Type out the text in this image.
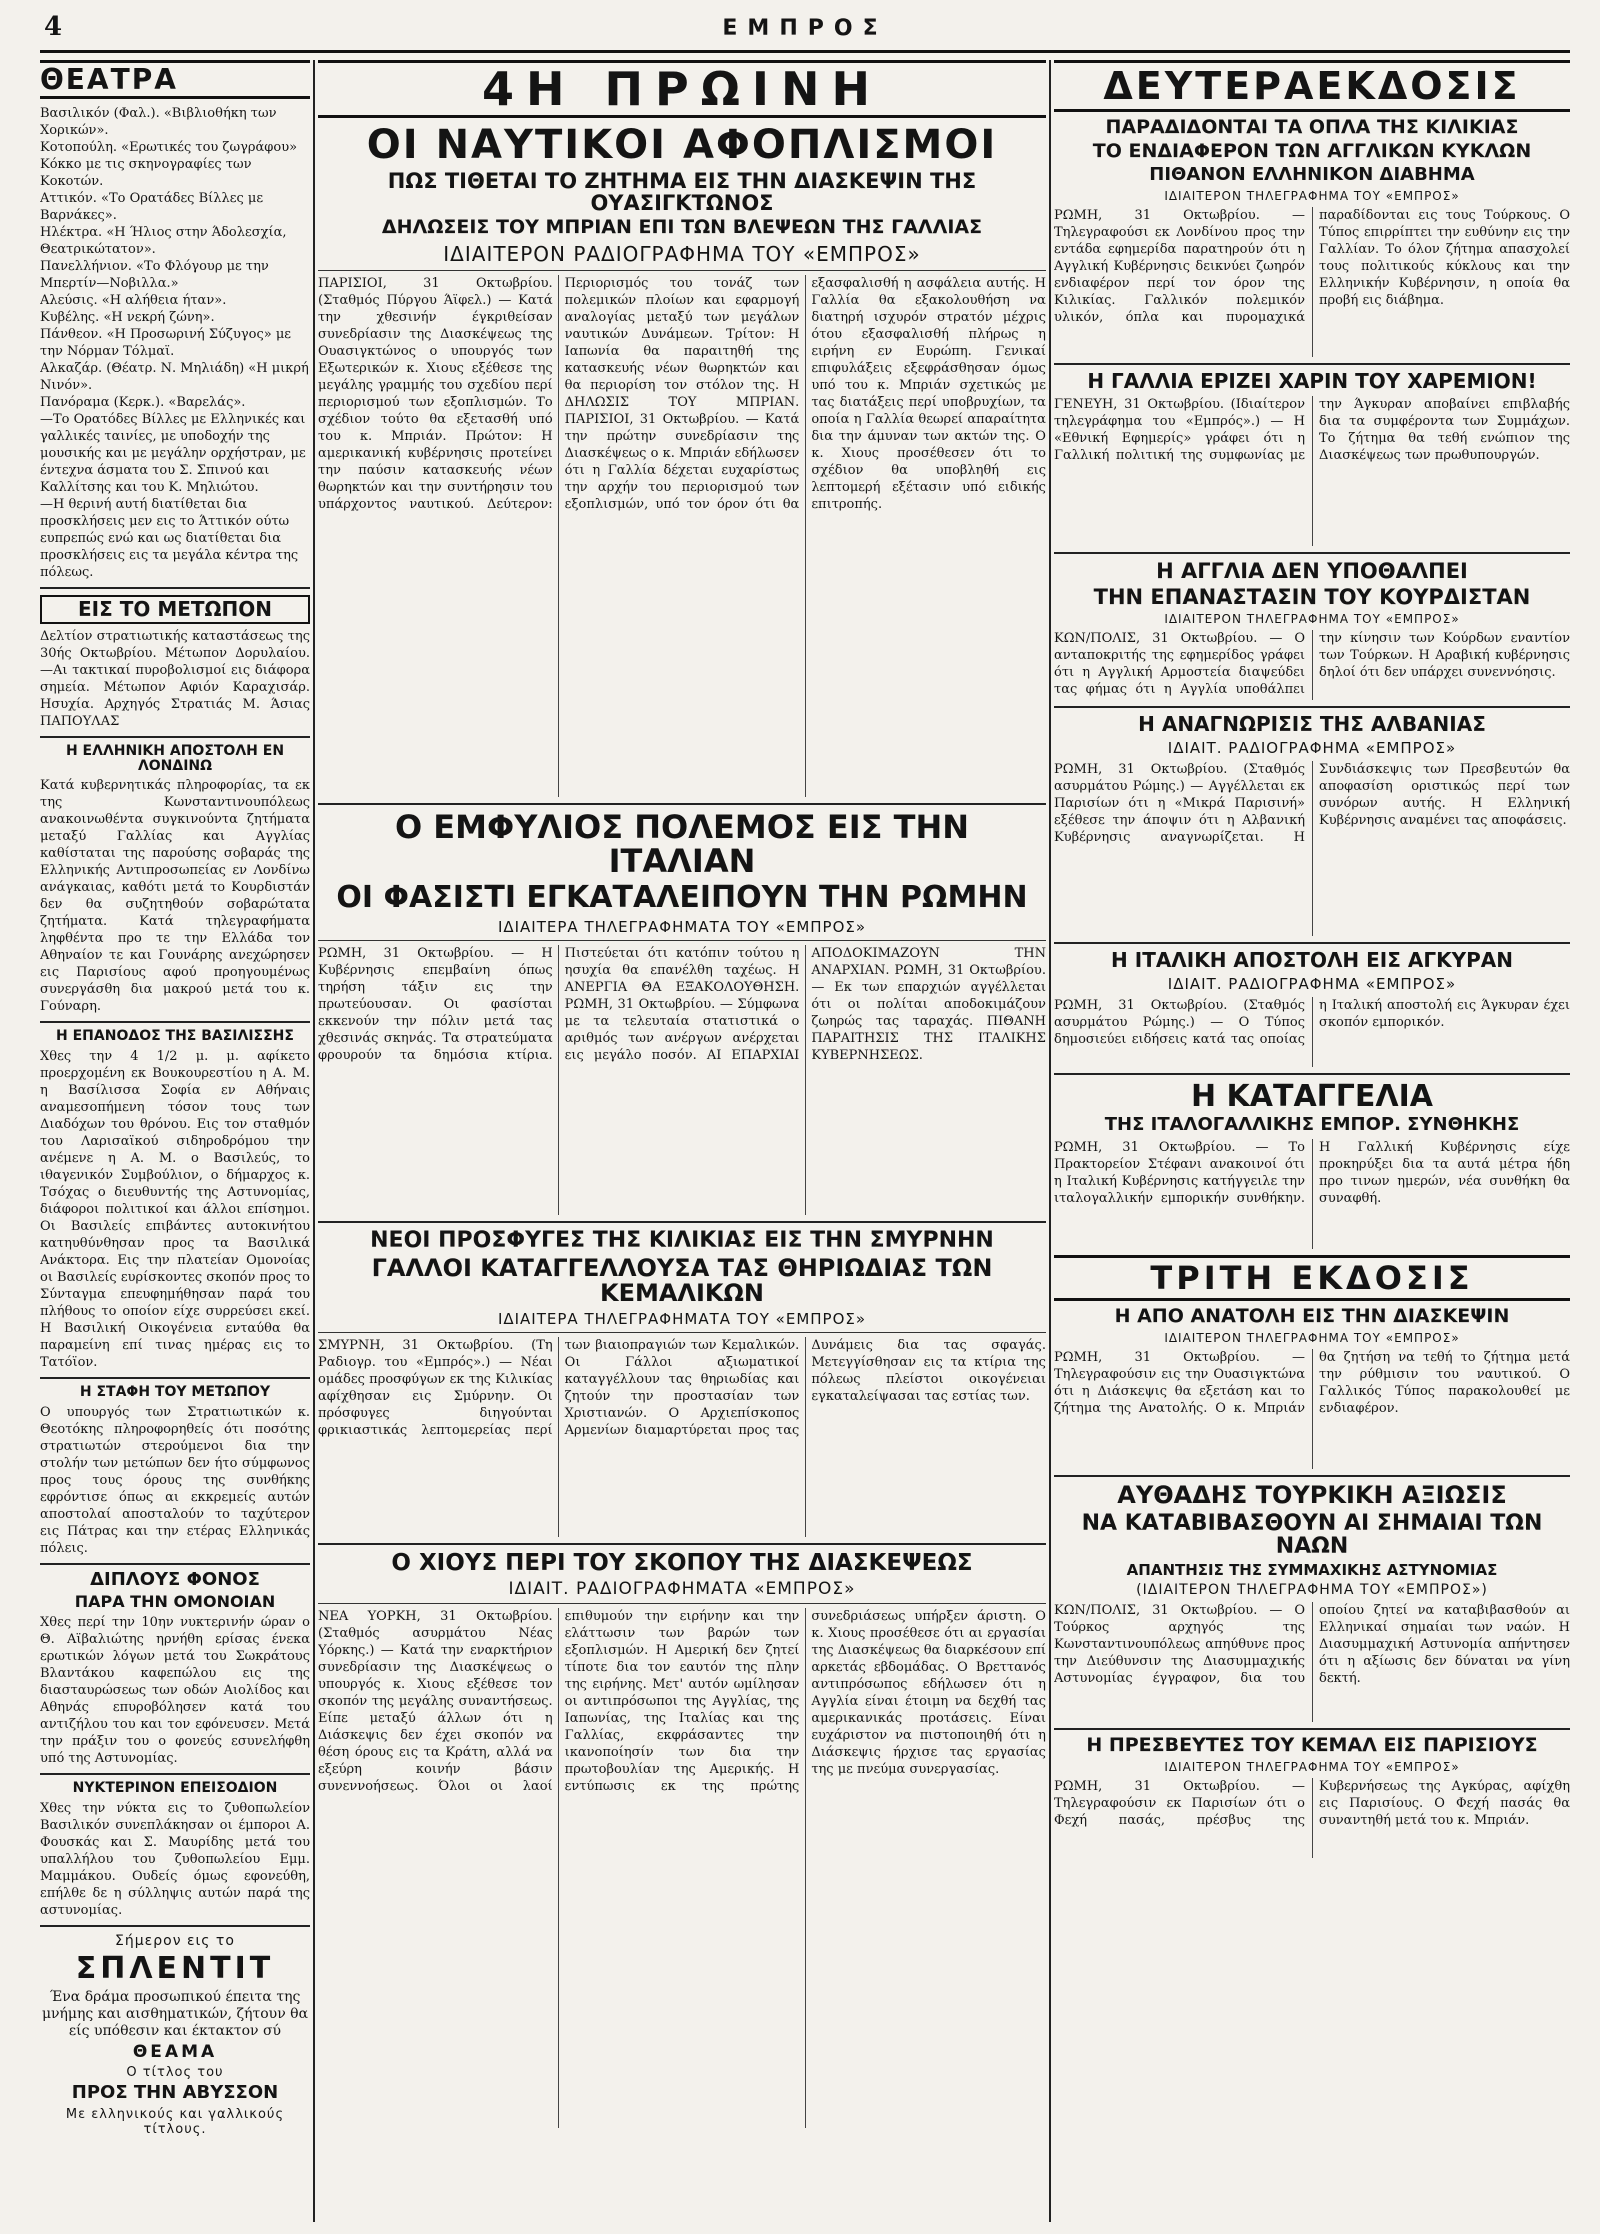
4	ΕΜΠΡΟΣ
ΘΕΑΤΡΑ

Βασιλικόν (Φαλ.). «Βιβλιοθήκη των Χορικών».

Κοτοπούλη. «Ερωτικές του ζωγράφου» Κόκκο με τις σκηνογραφίες των Κοκοτών.

Αττικόν. «Το Ορατάδες Βίλλες με Βαρνάκες».

Ηλέκτρα. «Η Ήλιος στην Άδολεσχία, Θεατρικώτατον».

Πανελλήνιον. «Το Φλόγουρ με την Μπερτίν—Νοβιλλα.»

Αλεύσις. «Η αλήθεια ήταν».

Κυβέλης. «Η νεκρή ζώνη».

Πάνθεον. «Η Προσωρινή Σύζυγος» με την Νόρμαν Τόλμαϊ.

Αλκαζάρ. (Θέατρ. Ν. Μηλιάδη) «Η μικρή Νινόν».

Πανόραμα (Κερκ.). «Βαρελάς».

—Το Ορατόδες Βίλλες με Ελληνικές και γαλλικές ταινίες, με υποδοχήν της μουσικής και με μεγάλην ορχήστραν, με έντεχνα άσματα του Σ. Σπινού και Καλλίτσης και του Κ. Μηλιώτου.

—Η θερινή αυτή διατίθεται δια προσκλήσεις μεν εις το Άττικόν ούτω ευπρεπώς ενώ και ως διατίθεται δια προσκλήσεις εις τα μεγάλα κέντρα της πόλεως.

ΕΙΣ ΤΟ ΜΕΤΩΠΟΝ

Δελτίον στρατιωτικής καταστάσεως της 30ής Οκτωβρίου. Μέτωπον Δορυλαίου.—Αι τακτικαί πυροβολισμοί εις διάφορα σημεία. Μέτωπον Αφιόν Καραχισάρ. Ησυχία. Αρχηγός Στρατιάς Μ. Άσιας ΠΑΠΟΥΛΑΣ

Η ΕΛΛΗΝΙΚΗ ΑΠΟΣΤΟΛΗ ΕΝ ΛΟΝΔΙΝΩ

Κατά κυβερνητικάς πληροφορίας, τα εκ της Κωνσταντινουπόλεως ανακοινωθέντα συγκινούντα ζητήματα μεταξύ Γαλλίας και Αγγλίας καθίσταται της παρούσης σοβαράς της Ελληνικής Αντιπροσωπείας εν Λονδίνω ανάγκαιας, καθότι μετά το Κουρδιστάν δεν θα συζητηθούν σοβαρώτατα ζητήματα. Κατά τηλεγραφήματα ληφθέντα προ τε την Ελλάδα τον Αθηναίον τε και Γουνάρης ανεχώρησεν εις Παρισίους αφού προηγουμένως συνεργάσθη δια μακρού μετά του κ. Γούναρη.

Η ΕΠΑΝΟΔΟΣ ΤΗΣ ΒΑΣΙΛΙΣΣΗΣ

Χθες την 4 1/2 μ. μ. αφίκετο προερχομένη εκ Βουκουρεστίου η Α. Μ. η Βασίλισσα Σοφία εν Αθήναις αναμεσοπήμενη τόσον τους των Διαδόχων του θρόνου. Εις τον σταθμόν του Λαρισαϊκού σιδηροδρόμου την ανέμενε η Α. Μ. ο Βασιλεύς, το ιθαγενικόν Συμβούλιον, ο δήμαρχος κ. Τσόχας ο διευθυντής της Αστυνομίας, διάφοροι πολιτικοί και άλλοι επίσημοι. Οι Βασιλείς επιβάντες αυτοκινήτου κατηυθύνθησαν προς τα Βασιλικά Ανάκτορα. Εις την πλατείαν Ομονοίας οι Βασιλείς ευρίσκοντες σκοπόν προς το Σύνταγμα επευφημήθησαν παρά του πλήθους το οποίον είχε συρρεύσει εκεί. Η Βασιλική Οικογένεια ενταύθα θα παραμείνη επί τινας ημέρας εις το Τατόϊον.

Η ΣΤΑΦΗ ΤΟΥ ΜΕΤΩΠΟΥ

Ο υπουργός των Στρατιωτικών κ. Θεοτόκης πληροφορηθείς ότι ποσότης στρατιωτών στερούμενοι δια την στολήν των μετώπων δεν ήτο σύμφωνος προς τους όρους της συνθήκης εφρόντισε όπως αι εκκρεμείς αυτών αποστολαί αποσταλούν το ταχύτερον εις Πάτρας και την ετέρας Ελληνικάς πόλεις.

ΔΙΠΛΟΥΣ ΦΟΝΟΣ
ΠΑΡΑ ΤΗΝ ΟΜΟΝΟΙΑΝ

Χθες περί την 10ην νυκτερινήν ώραν ο Θ. Αϊβαλιώτης ηρνήθη ερίσας ένεκα ερωτικών λόγων μετά του Σωκράτους Βλαντάκου καφεπώλου εις της διασταυρώσεως των οδών Αιολίδος και Αθηνάς επυροβόλησεν κατά του αντιζήλου του και τον εφόνευσεν. Μετά την πράξιν του ο φονεύς εσυνελήφθη υπό της Αστυνομίας.

ΝΥΚΤΕΡΙΝΟΝ ΕΠΕΙΣΟΔΙΟΝ

Χθες την νύκτα εις το ζυθοπωλείον Βασιλικόν συνεπλάκησαν οι έμποροι Α. Φουσκάς και Σ. Μαυρίδης μετά του υπαλλήλου του ζυθοπωλείου Εμμ. Μαμμάκου. Ουδείς όμως εφονεύθη, επήλθε δε η σύλληψις αυτών παρά της αστυνομίας.

Σήμερον εις το
ΣΠΛΕΝΤΙΤ

Ένα δράμα προσωπικού έπειτα της μνήμης και αισθηματικών, ζήτουν θα είς υπόθεσιν και έκτακτον σύ

ΘΕΑΜΑ
Ο τίτλος του
ΠΡΟΣ ΤΗΝ ΑΒΥΣΣΟΝ
Με ελληνικούς και γαλλικούς τίτλους.
4Η ΠΡΩΙΝΗ
ΟΙ ΝΑΥΤΙΚΟΙ ΑΦΟΠΛΙΣΜΟΙ
ΠΩΣ ΤΙΘΕΤΑΙ ΤΟ ΖΗΤΗΜΑ ΕΙΣ ΤΗΝ ΔΙΑΣΚΕΨΙΝ ΤΗΣ ΟΥΑΣΙΓΚΤΩΝΟΣ
ΔΗΛΩΣΕΙΣ ΤΟΥ ΜΠΡΙΑΝ ΕΠΙ ΤΩΝ ΒΛΕΨΕΩΝ ΤΗΣ ΓΑΛΛΙΑΣ
ΙΔΙΑΙΤΕΡΟΝ ΡΑΔΙΟΓΡΑΦΗΜΑ ΤΟΥ «ΕΜΠΡΟΣ»
ΠΑΡΙΣΙΟΙ, 31 Οκτωβρίου. (Σταθμός Πύργου Άϊφελ.) — Κατά την χθεσινήν έγκριθείσαν συνεδρίασιν της Διασκέψεως της Ουασιγκτώνος ο υπουργός των Εξωτερικών κ. Χιους εξέθεσε της μεγάλης γραμμής του σχεδίου περί περιορισμού των εξοπλισμών. Το σχέδιον τούτο θα εξετασθή υπό του κ. Μπριάν. Πρώτον: Η αμερικανική κυβέρνησις προτείνει την παύσιν κατασκευής νέων θωρηκτών και την συντήρησιν του υπάρχοντος ναυτικού. Δεύτερον: Περιορισμός του τονάζ των πολεμικών πλοίων και εφαρμογή αναλογίας μεταξύ των μεγάλων ναυτικών Δυνάμεων. Τρίτον: Η Ιαπωνία θα παραιτηθή της κατασκευής νέων θωρηκτών και θα περιορίση τον στόλον της. Η ΔΗΛΩΣΙΣ ΤΟΥ ΜΠΡΙΑΝ. ΠΑΡΙΣΙΟΙ, 31 Οκτωβρίου. — Κατά την πρώτην συνεδρίασιν της Διασκέψεως ο κ. Μπριάν εδήλωσεν ότι η Γαλλία δέχεται ευχαρίστως την αρχήν του περιορισμού των εξοπλισμών, υπό τον όρον ότι θα εξασφαλισθή η ασφάλεια αυτής. Η Γαλλία θα εξακολουθήση να διατηρή ισχυρόν στρατόν μέχρις ότου εξασφαλισθή πλήρως η ειρήνη εν Ευρώπη. Γενικαί επιφυλάξεις εξεφράσθησαν όμως υπό του κ. Μπριάν σχετικώς με τας διατάξεις περί υποβρυχίων, τα οποία η Γαλλία θεωρεί απαραίτητα δια την άμυναν των ακτών της. Ο κ. Χιους προσέθεσεν ότι το σχέδιον θα υποβληθή εις λεπτομερή εξέτασιν υπό ειδικής επιτροπής.
Ο ΕΜΦΥΛΙΟΣ ΠΟΛΕΜΟΣ ΕΙΣ ΤΗΝ ΙΤΑΛΙΑΝ
ΟΙ ΦΑΣΙΣΤΙ ΕΓΚΑΤΑΛΕΙΠΟΥΝ ΤΗΝ ΡΩΜΗΝ
ΙΔΙΑΙΤΕΡΑ ΤΗΛΕΓΡΑΦΗΜΑΤΑ ΤΟΥ «ΕΜΠΡΟΣ»
ΡΩΜΗ, 31 Οκτωβρίου. — Η Κυβέρνησις επεμβαίνη όπως τηρήση τάξιν εις την πρωτεύουσαν. Οι φασίσται εκκενούν την πόλιν μετά τας χθεσινάς σκηνάς. Τα στρατεύματα φρουρούν τα δημόσια κτίρια. Πιστεύεται ότι κατόπιν τούτου η ησυχία θα επανέλθη ταχέως. Η ΑΝΕΡΓΙΑ ΘΑ ΕΞΑΚΟΛΟΥΘΗΣΗ. ΡΩΜΗ, 31 Οκτωβρίου. — Σύμφωνα με τα τελευταία στατιστικά ο αριθμός των ανέργων ανέρχεται εις μεγάλο ποσόν. ΑΙ ΕΠΑΡΧΙΑΙ ΑΠΟΔΟΚΙΜΑΖΟΥΝ ΤΗΝ ΑΝΑΡΧΙΑΝ. ΡΩΜΗ, 31 Οκτωβρίου. — Εκ των επαρχιών αγγέλλεται ότι οι πολίται αποδοκιμάζουν ζωηρώς τας ταραχάς. ΠΙΘΑΝΗ ΠΑΡΑΙΤΗΣΙΣ ΤΗΣ ΙΤΑΛΙΚΗΣ ΚΥΒΕΡΝΗΣΕΩΣ.
ΝΕΟΙ ΠΡΟΣΦΥΓΕΣ ΤΗΣ ΚΙΛΙΚΙΑΣ ΕΙΣ ΤΗΝ ΣΜΥΡΝΗΝ
ΓΑΛΛΟΙ ΚΑΤΑΓΓΕΛΛΟΥΣΑ ΤΑΣ ΘΗΡΙΩΔΙΑΣ ΤΩΝ ΚΕΜΑΛΙΚΩΝ
ΙΔΙΑΙΤΕΡΑ ΤΗΛΕΓΡΑΦΗΜΑΤΑ ΤΟΥ «ΕΜΠΡΟΣ»
ΣΜΥΡΝΗ, 31 Οκτωβρίου. (Τη Ραδιογρ. του «Εμπρός».) — Νέαι ομάδες προσφύγων εκ της Κιλικίας αφίχθησαν εις Σμύρνην. Οι πρόσφυγες διηγούνται φρικιαστικάς λεπτομερείας περί των βιαιοπραγιών των Κεμαλικών. Οι Γάλλοι αξιωματικοί καταγγέλλουν τας θηριωδίας και ζητούν την προστασίαν των Χριστιανών. Ο Αρχιεπίσκοπος Αρμενίων διαμαρτύρεται προς τας Δυνάμεις δια τας σφαγάς. Μετεγγίσθησαν εις τα κτίρια της πόλεως πλείστοι οικογένειαι εγκαταλείψασαι τας εστίας των.
Ο ΧΙΟΥΣ ΠΕΡΙ ΤΟΥ ΣΚΟΠΟΥ ΤΗΣ ΔΙΑΣΚΕΨΕΩΣ
ΙΔΙΑΙΤ. ΡΑΔΙΟΓΡΑΦΗΜΑΤΑ «ΕΜΠΡΟΣ»
ΝΕΑ ΥΟΡΚΗ, 31 Οκτωβρίου. (Σταθμός ασυρμάτου Νέας Υόρκης.) — Κατά την εναρκτήριον συνεδρίασιν της Διασκέψεως ο υπουργός κ. Χιους εξέθεσε τον σκοπόν της μεγάλης συναντήσεως. Είπε μεταξύ άλλων ότι η Διάσκεψις δεν έχει σκοπόν να θέση όρους εις τα Κράτη, αλλά να εξεύρη κοινήν βάσιν συνεννοήσεως. Όλοι οι λαοί επιθυμούν την ειρήνην και την ελάττωσιν των βαρών των εξοπλισμών. Η Αμερική δεν ζητεί τίποτε δια τον εαυτόν της πλην της ειρήνης. Μετ' αυτόν ωμίλησαν οι αντιπρόσωποι της Αγγλίας, της Ιαπωνίας, της Ιταλίας και της Γαλλίας, εκφράσαντες την ικανοποίησίν των δια την πρωτοβουλίαν της Αμερικής. Η εντύπωσις εκ της πρώτης συνεδριάσεως υπήρξεν άριστη. Ο κ. Χιους προσέθεσε ότι αι εργασίαι της Διασκέψεως θα διαρκέσουν επί αρκετάς εβδομάδας. Ο Βρεττανός αντιπρόσωπος εδήλωσεν ότι η Αγγλία είναι έτοιμη να δεχθή τας αμερικανικάς προτάσεις. Είναι ευχάριστον να πιστοποιηθή ότι η Διάσκεψις ήρχισε τας εργασίας της με πνεύμα συνεργασίας.
ΔΕΥΤΕΡΑΕΚΔΟΣΙΣ
ΠΑΡΑΔΙΔΟΝΤΑΙ ΤΑ ΟΠΛΑ ΤΗΣ ΚΙΛΙΚΙΑΣ
ΤΟ ΕΝΔΙΑΦΕΡΟΝ ΤΩΝ ΑΓΓΛΙΚΩΝ ΚΥΚΛΩΝ
ΠΙΘΑΝΟΝ ΕΛΛΗΝΙΚΟΝ ΔΙΑΒΗΜΑ
ΙΔΙΑΙΤΕΡΟΝ ΤΗΛΕΓΡΑΦΗΜΑ ΤΟΥ «ΕΜΠΡΟΣ»
ΡΩΜΗ, 31 Οκτωβρίου. — Τηλεγραφούσι εκ Λονδίνου προς την εντάδα εφημερίδα παρατηρούν ότι η Αγγλική Κυβέρνησις δεικνύει ζωηρόν ενδιαφέρον περί τον όρον της Κιλικίας. Γαλλικόν πολεμικόν υλικόν, όπλα και πυρομαχικά παραδίδονται εις τους Τούρκους. Ο Τύπος επιρρίπτει την ευθύνην εις την Γαλλίαν. Το όλον ζήτημα απασχολεί τους πολιτικούς κύκλους και την Ελληνικήν Κυβέρνησιν, η οποία θα προβή εις διάβημα.
Η ΓΑΛΛΙΑ ΕΡΙΖΕΙ ΧΑΡΙΝ ΤΟΥ ΧΑΡΕΜΙΟΝ!
ΓΕΝΕΥΗ, 31 Οκτωβρίου. (Ιδιαίτερον τηλεγράφημα του «Εμπρός».) — Η «Εθνική Εφημερίς» γράφει ότι η Γαλλική πολιτική της συμφωνίας με την Άγκυραν αποβαίνει επιβλαβής δια τα συμφέροντα των Συμμάχων. Το ζήτημα θα τεθή ενώπιον της Διασκέψεως των πρωθυπουργών.
Η ΑΓΓΛΙΑ ΔΕΝ ΥΠΟΘΑΛΠΕΙ
ΤΗΝ ΕΠΑΝΑΣΤΑΣΙΝ ΤΟΥ ΚΟΥΡΔΙΣΤΑΝ
ΙΔΙΑΙΤΕΡΟΝ ΤΗΛΕΓΡΑΦΗΜΑ ΤΟΥ «ΕΜΠΡΟΣ»
ΚΩΝ/ΠΟΛΙΣ, 31 Οκτωβρίου. — Ο ανταποκριτής της εφημερίδος γράφει ότι η Αγγλική Αρμοστεία διαψεύδει τας φήμας ότι η Αγγλία υποθάλπει την κίνησιν των Κούρδων εναντίον των Τούρκων. Η Αραβική κυβέρνησις δηλοί ότι δεν υπάρχει συνεννόησις.
Η ΑΝΑΓΝΩΡΙΣΙΣ ΤΗΣ ΑΛΒΑΝΙΑΣ
ΙΔΙΑΙΤ. ΡΑΔΙΟΓΡΑΦΗΜΑ «ΕΜΠΡΟΣ»
ΡΩΜΗ, 31 Οκτωβρίου. (Σταθμός ασυρμάτου Ρώμης.) — Αγγέλλεται εκ Παρισίων ότι η «Μικρά Παρισινή» εξέθεσε την άποψιν ότι η Αλβανική Κυβέρνησις αναγνωρίζεται. Η Συνδιάσκεψις των Πρεσβευτών θα αποφασίση οριστικώς περί των συνόρων αυτής. Η Ελληνική Κυβέρνησις αναμένει τας αποφάσεις.
Η ΙΤΑΛΙΚΗ ΑΠΟΣΤΟΛΗ ΕΙΣ ΑΓΚΥΡΑΝ
ΙΔΙΑΙΤ. ΡΑΔΙΟΓΡΑΦΗΜΑ «ΕΜΠΡΟΣ»
ΡΩΜΗ, 31 Οκτωβρίου. (Σταθμός ασυρμάτου Ρώμης.) — Ο Τύπος δημοσιεύει ειδήσεις κατά τας οποίας η Ιταλική αποστολή εις Άγκυραν έχει σκοπόν εμπορικόν.
Η ΚΑΤΑΓΓΕΛΙΑ
ΤΗΣ ΙΤΑΛΟΓΑΛΛΙΚΗΣ ΕΜΠΟΡ. ΣΥΝΘΗΚΗΣ
ΡΩΜΗ, 31 Οκτωβρίου. — Το Πρακτορείον Στέφανι ανακοινοί ότι η Ιταλική Κυβέρνησις κατήγγειλε την ιταλογαλλικήν εμπορικήν συνθήκην. Η Γαλλική Κυβέρνησις είχε προκηρύξει δια τα αυτά μέτρα ήδη προ τινων ημερών, νέα συνθήκη θα συναφθή.
ΤΡΙΤΗ ΕΚΔΟΣΙΣ
Η ΑΠΟ ΑΝΑΤΟΛΗ ΕΙΣ ΤΗΝ ΔΙΑΣΚΕΨΙΝ
ΙΔΙΑΙΤΕΡΟΝ ΤΗΛΕΓΡΑΦΗΜΑ ΤΟΥ «ΕΜΠΡΟΣ»
ΡΩΜΗ, 31 Οκτωβρίου. — Τηλεγραφούσιν εις την Ουασιγκτώνα ότι η Διάσκεψις θα εξετάση και το ζήτημα της Ανατολής. Ο κ. Μπριάν θα ζητήση να τεθή το ζήτημα μετά την ρύθμισιν του ναυτικού. Ο Γαλλικός Τύπος παρακολουθεί με ενδιαφέρον.
ΑΥΘΑΔΗΣ ΤΟΥΡΚΙΚΗ ΑΞΙΩΣΙΣ
ΝΑ ΚΑΤΑΒΙΒΑΣΘΟΥΝ ΑΙ ΣΗΜΑΙΑΙ ΤΩΝ ΝΑΩΝ
ΑΠΑΝΤΗΣΙΣ ΤΗΣ ΣΥΜΜΑΧΙΚΗΣ ΑΣΤΥΝΟΜΙΑΣ
(ΙΔΙΑΙΤΕΡΟΝ ΤΗΛΕΓΡΑΦΗΜΑ ΤΟΥ «ΕΜΠΡΟΣ»)
ΚΩΝ/ΠΟΛΙΣ, 31 Οκτωβρίου. — Ο Τούρκος αρχηγός της Κωνσταντινουπόλεως απηύθυνε προς την Διεύθυνσιν της Διασυμμαχικής Αστυνομίας έγγραφον, δια του οποίου ζητεί να καταβιβασθούν αι Ελληνικαί σημαίαι των ναών. Η Διασυμμαχική Αστυνομία απήντησεν ότι η αξίωσις δεν δύναται να γίνη δεκτή.
Η ΠΡΕΣΒΕΥΤΕΣ ΤΟΥ ΚΕΜΑΛ ΕΙΣ ΠΑΡΙΣΙΟΥΣ
ΙΔΙΑΙΤΕΡΟΝ ΤΗΛΕΓΡΑΦΗΜΑ ΤΟΥ «ΕΜΠΡΟΣ»
ΡΩΜΗ, 31 Οκτωβρίου. — Τηλεγραφούσιν εκ Παρισίων ότι ο Φεχή πασάς, πρέσβυς της Κυβερνήσεως της Αγκύρας, αφίχθη εις Παρισίους. Ο Φεχή πασάς θα συναντηθή μετά του κ. Μπριάν.
